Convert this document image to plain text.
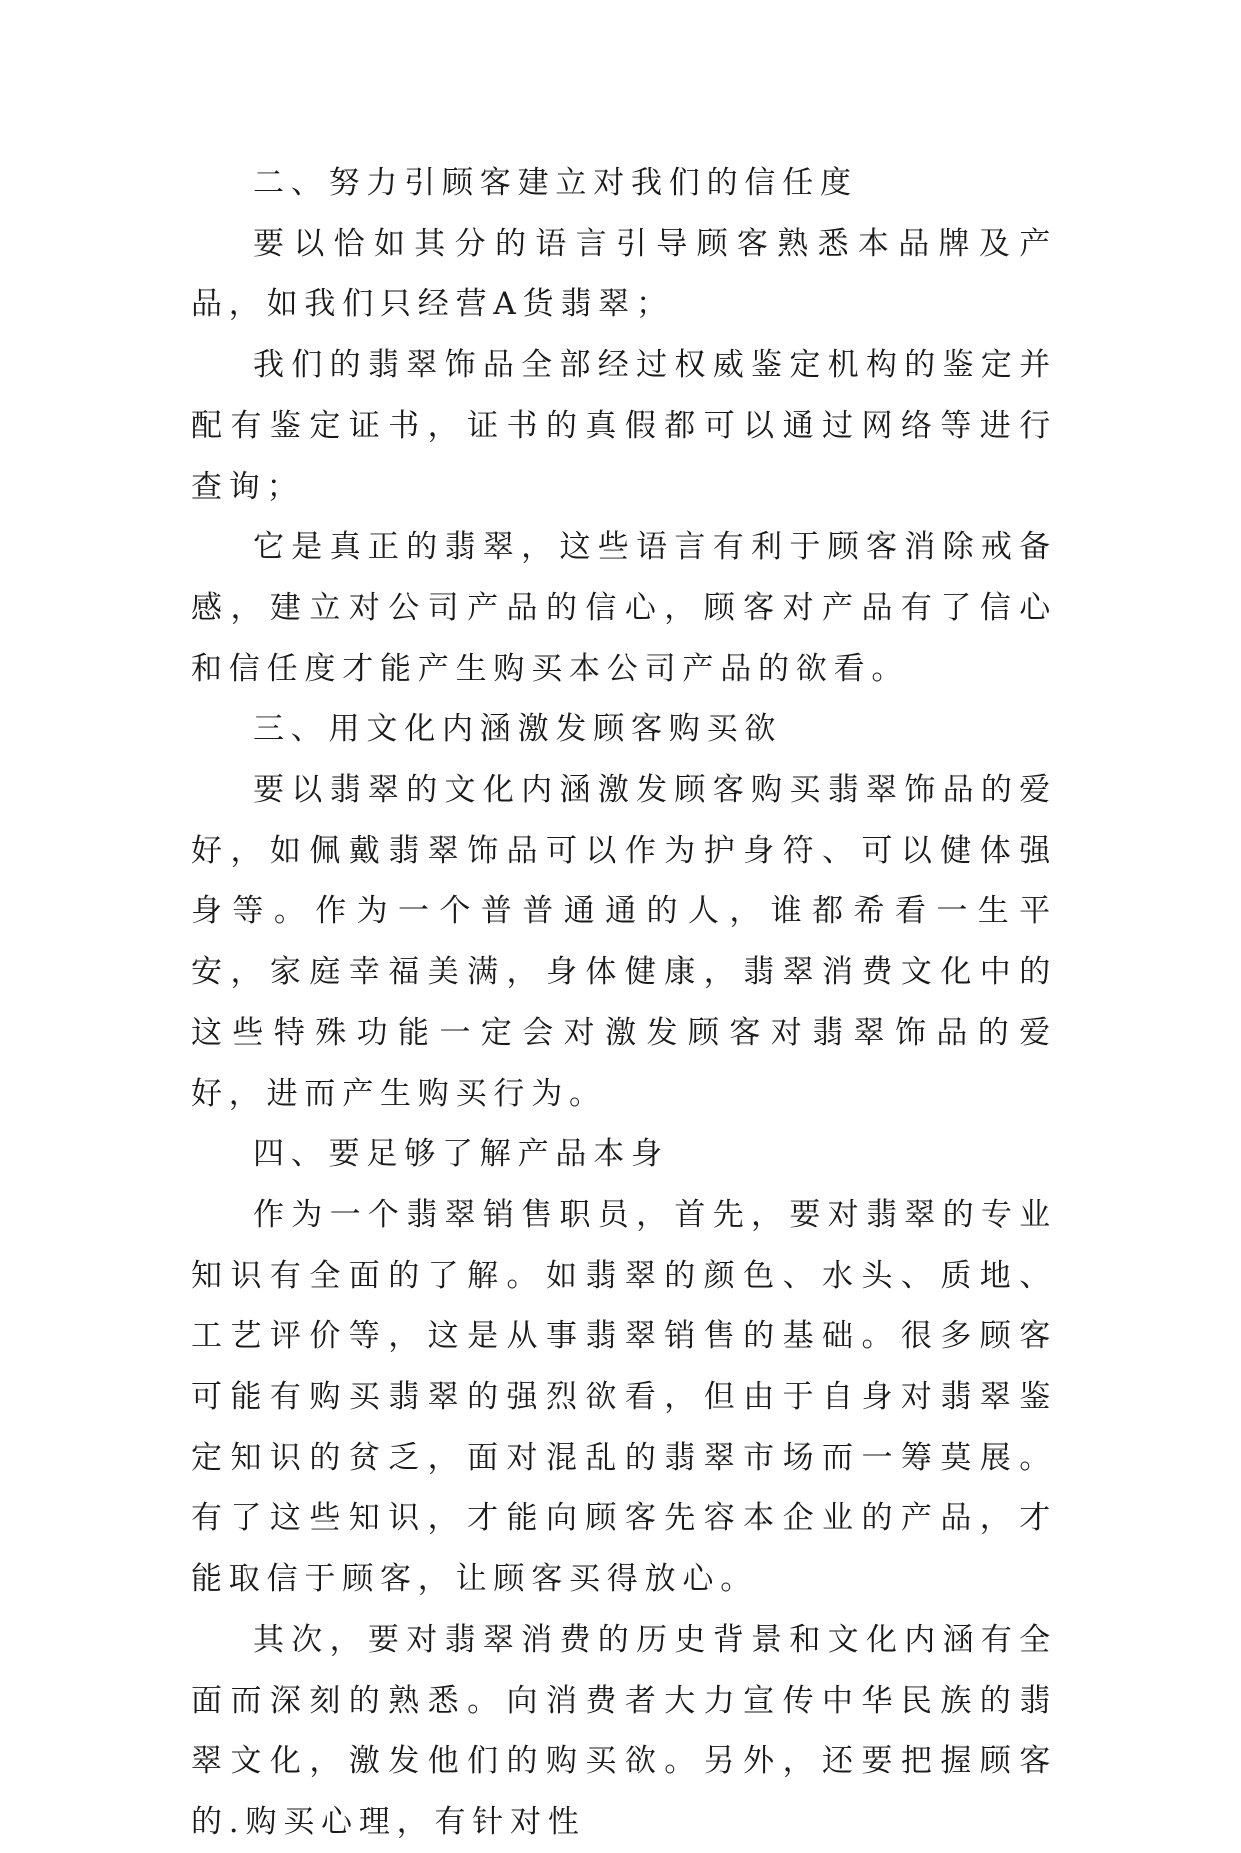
二、努力引顾客建立对我们的信任度

要以恰如其分的语言引导顾客熟悉本品牌及产品，如我们只经营A货翡翠；

我们的翡翠饰品全部经过权威鉴定机构的鉴定并配有鉴定证书，证书的真假都可以通过网络等进行查询；

它是真正的翡翠，这些语言有利于顾客消除戒备感，建立对公司产品的信心，顾客对产品有了信心和信任度才能产生购买本公司产品的欲看。

三、用文化内涵激发顾客购买欲

要以翡翠的文化内涵激发顾客购买翡翠饰品的爱好，如佩戴翡翠饰品可以作为护身符、可以健体强身等。作为一个普普通通的人，谁都希看一生平安，家庭幸福美满，身体健康，翡翠消费文化中的这些特殊功能一定会对激发顾客对翡翠饰品的爱好，进而产生购买行为。

四、要足够了解产品本身

作为一个翡翠销售职员，首先，要对翡翠的专业知识有全面的了解。如翡翠的颜色、水头、质地、工艺评价等，这是从事翡翠销售的基础。很多顾客可能有购买翡翠的强烈欲看，但由于自身对翡翠鉴定知识的贫乏，面对混乱的翡翠市场而一筹莫展。有了这些知识，才能向顾客先容本企业的产品，才能取信于顾客，让顾客买得放心。

其次，要对翡翠消费的历史背景和文化内涵有全面而深刻的熟悉。向消费者大力宣传中华民族的翡翠文化，激发他们的购买欲。另外，还要把握顾客的.购买心理，有针对性
